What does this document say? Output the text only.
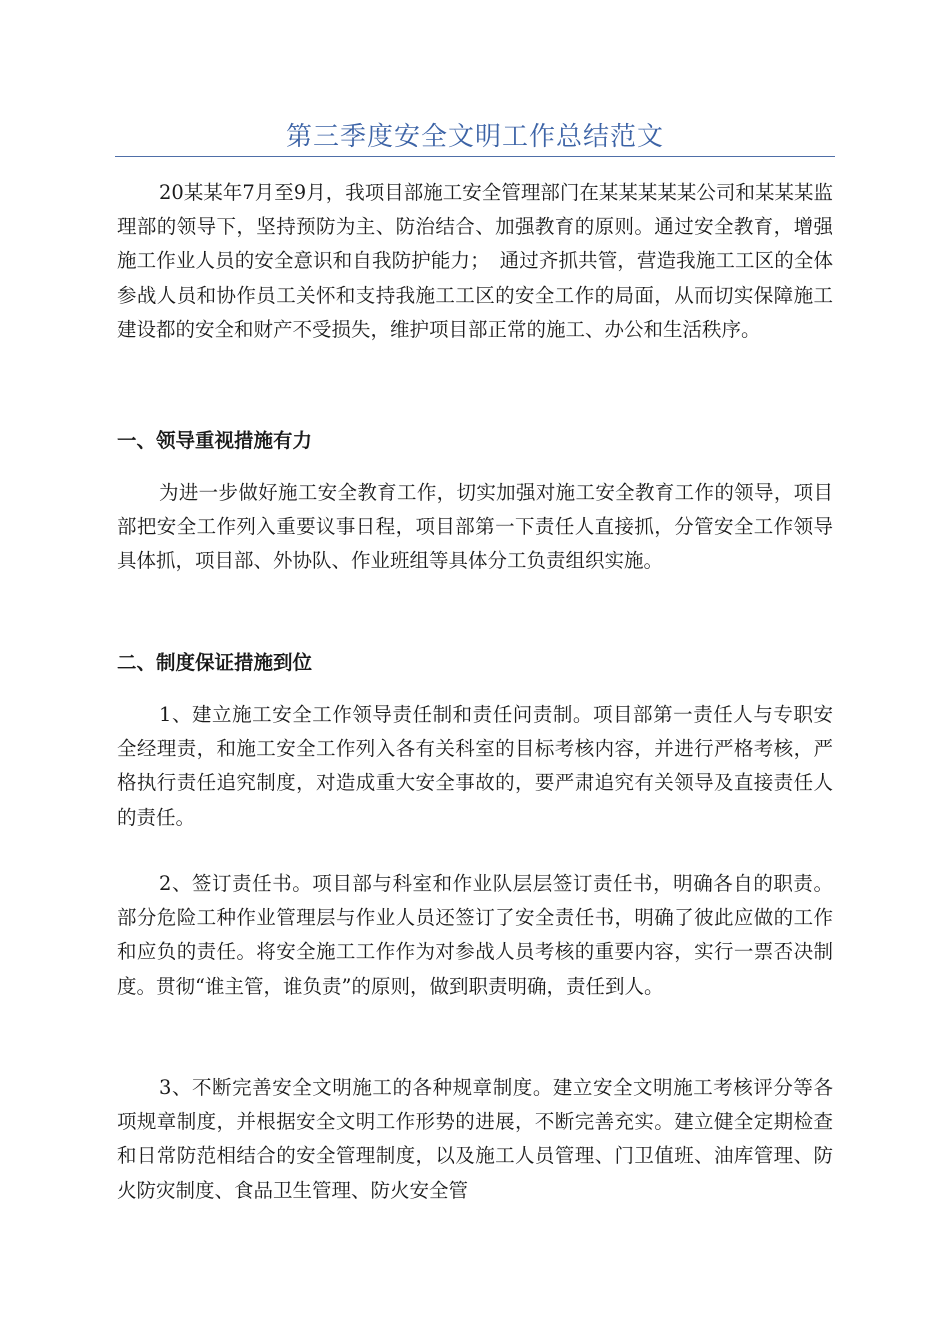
第三季度安全文明工作总结范文

20某某年7月至9月，我项目部施工安全管理部门在某某某某某公司和某某某监理部的领导下，坚持预防为主、防治结合、加强教育的原则。通过安全教育，增强施工作业人员的安全意识和自我防护能力；　通过齐抓共管，营造我施工工区的全体参战人员和协作员工关怀和支持我施工工区的安全工作的局面，从而切实保障施工建设都的安全和财产不受损失，维护项目部正常的施工、办公和生活秩序。

一、领导重视措施有力

为进一步做好施工安全教育工作，切实加强对施工安全教育工作的领导，项目部把安全工作列入重要议事日程，项目部第一下责任人直接抓，分管安全工作领导具体抓，项目部、外协队、作业班组等具体分工负责组织实施。

二、制度保证措施到位

1、建立施工安全工作领导责任制和责任问责制。项目部第一责任人与专职安全经理责，和施工安全工作列入各有关科室的目标考核内容，并进行严格考核，严格执行责任追究制度，对造成重大安全事故的，要严肃追究有关领导及直接责任人的责任。

2、签订责任书。项目部与科室和作业队层层签订责任书，明确各自的职责。部分危险工种作业管理层与作业人员还签订了安全责任书，明确了彼此应做的工作和应负的责任。将安全施工工作作为对参战人员考核的重要内容，实行一票否决制度。贯彻“谁主管，谁负责”的原则，做到职责明确，责任到人。

3、不断完善安全文明施工的各种规章制度。建立安全文明施工考核评分等各项规章制度，并根据安全文明工作形势的进展，不断完善充实。建立健全定期检查和日常防范相结合的安全管理制度，以及施工人员管理、门卫值班、油库管理、防火防灾制度、食品卫生管理、防火安全管
